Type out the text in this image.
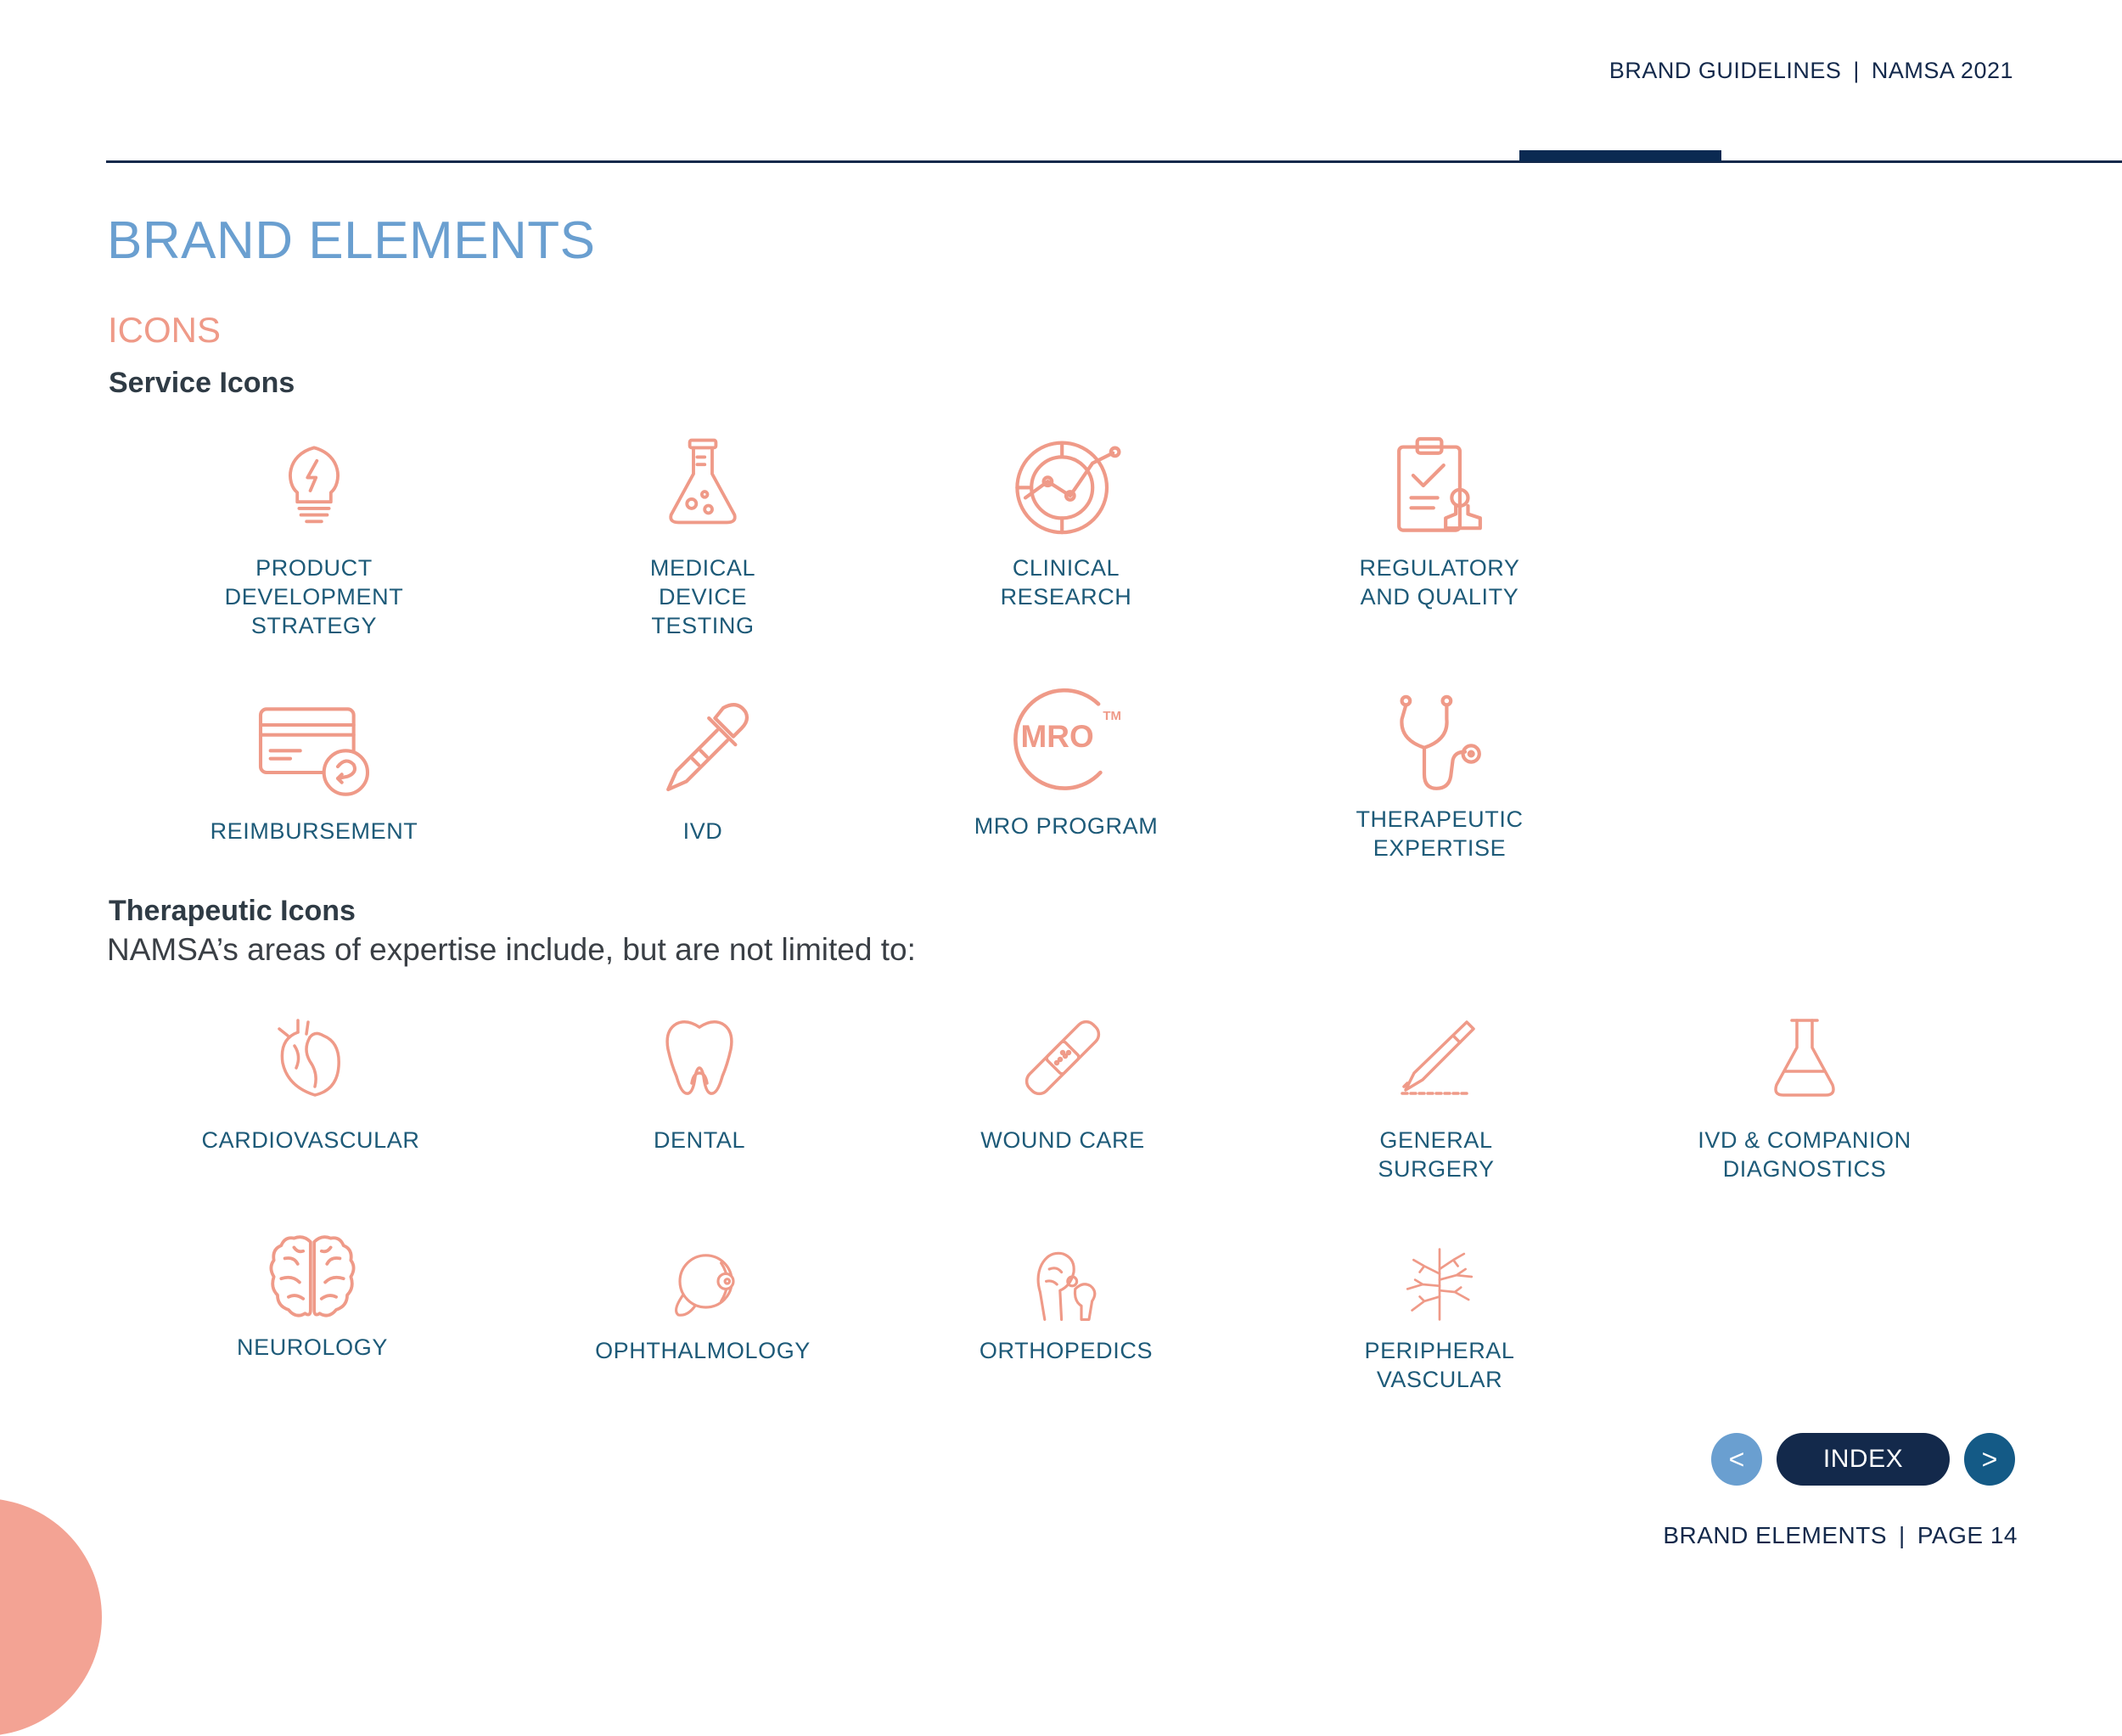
BRAND GUIDELINES | NAMSA 2021
BRAND ELEMENTS
ICONS
Service Icons
PRODUCT
DEVELOPMENT
STRATEGY
MEDICAL
DEVICE
TESTING
CLINICAL
RESEARCH
REGULATORY
AND QUALITY
REIMBURSEMENT	IVD
MRO
TM
MRO PROGRAM	THERAPEUTIC
EXPERTISE
Therapeutic Icons
NAMSA’s areas of expertise include, but are not limited to:
CARDIOVASCULAR	DENTAL	WOUND CARE	GENERAL
SURGERY
IVD & COMPANION
DIAGNOSTICS
NEUROLOGY	OPHTHALMOLOGY	ORTHOPEDICS	PERIPHERAL
VASCULAR
<	INDEX	>
BRAND ELEMENTS | PAGE 14
